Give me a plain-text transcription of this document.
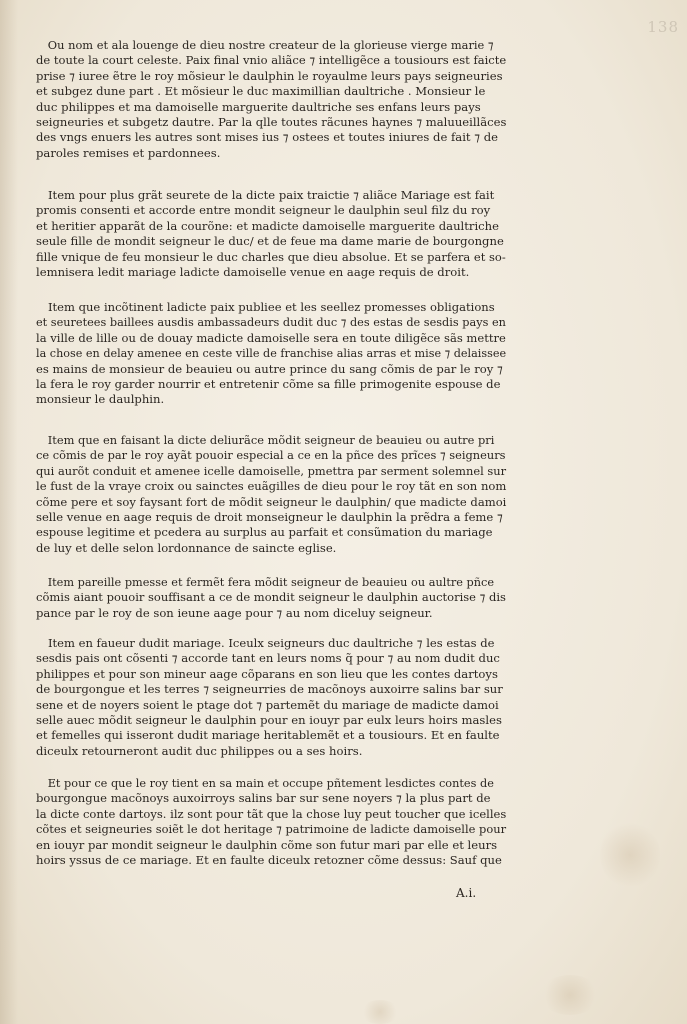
138
Ou nom et ala louenge de dieu nostre createur de la glorieuse vierge marie ⁊
de toute la court celeste. Paix final vnio aliãce ⁊ intelligẽce a tousiours est faicte
prise ⁊ iuree ẽtre le roy mõsieur le daulphin le royaulme leurs pays seigneuries
et subgez dune part . Et mõsieur le duc maximillian daultriche . Monsieur le
duc philippes et ma damoiselle marguerite daultriche ses enfans leurs pays
seigneuries et subgetz dautre. Par la qlle toutes rãcunes haynes ⁊ maluueillãces
des vngs enuers les autres sont mises ius ⁊ ostees et toutes iniures de fait ⁊ de
paroles remises et pardonnees.
Item pour plus grãt seurete de la dicte paix traictie ⁊ aliãce Mariage est fait
promis consenti et accorde entre mondit seigneur le daulphin seul filz du roy
et heritier apparãt de la courõne: et madicte damoiselle marguerite daultriche
seule fille de mondit seigneur le duc/ et de feue ma dame marie de bourgongne
fille vnique de feu monsieur le duc charles que dieu absolue. Et se parfera et so-
lemnisera ledit mariage ladicte damoiselle venue en aage requis de droit.
Item que incõtinent ladicte paix publiee et les seellez promesses obligations
et seuretees baillees ausdis ambassadeurs dudit duc ⁊ des estas de sesdis pays en
la ville de lille ou de douay madicte damoiselle sera en toute diligẽce sãs mettre
la chose en delay amenee en ceste ville de franchise alias arras et mise ⁊ delaissee
es mains de monsieur de beauieu ou autre prince du sang cõmis de par le roy ⁊
la fera le roy garder nourrir et entretenir cõme sa fille primogenite espouse de
monsieur le daulphin.
Item que en faisant la dicte deliurãce mõdit seigneur de beauieu ou autre pri
ce cõmis de par le roy ayãt pouoir especial a ce en la pñce des prĩces ⁊ seigneurs
qui aurõt conduit et amenee icelle damoiselle, pmettra par serment solemnel sur
le fust de la vraye croix ou sainctes euãgilles de dieu pour le roy tãt en son nom
cõme pere et soy faysant fort de mõdit seigneur le daulphin/ que madicte damoi
selle venue en aage requis de droit monseigneur le daulphin la prẽdra a feme ⁊
espouse legitime et pcedera au surplus au parfait et consũmation du mariage
de luy et delle selon lordonnance de saincte eglise.
Item pareille pmesse et fermẽt fera mõdit seigneur de beauieu ou aultre pñce
cõmis aiant pouoir souffisant a ce de mondit seigneur le daulphin auctorise ⁊ dis
pance par le roy de son ieune aage pour ⁊ au nom diceluy seigneur.
Item en faueur dudit mariage. Iceulx seigneurs duc daultriche ⁊ les estas de
sesdis pais ont cõsenti ⁊ accorde tant en leurs noms q̃ pour ⁊ au nom dudit duc
philippes et pour son mineur aage cõparans en son lieu que les contes dartoys
de bourgongue et les terres ⁊ seigneurries de macõnoys auxoirre salins bar sur
sene et de noyers soient le ptage dot ⁊ partemẽt du mariage de madicte damoi
selle auec mõdit seigneur le daulphin pour en iouyr par eulx leurs hoirs masles
et femelles qui isseront dudit mariage heritablemẽt et a tousiours. Et en faulte
diceulx retourneront audit duc philippes ou a ses hoirs.
Et pour ce que le roy tient en sa main et occupe pñtement lesdictes contes de
bourgongue macõnoys auxoirroys salins bar sur sene noyers ⁊ la plus part de
la dicte conte dartoys. ilz sont pour tãt que la chose luy peut toucher que icelles
cõtes et seigneuries soiẽt le dot heritage ⁊ patrimoine de ladicte damoiselle pour
en iouyr par mondit seigneur le daulphin cõme son futur mari par elle et leurs
hoirs yssus de ce mariage. Et en faulte diceulx retozner cõme dessus: Sauf que
A.i.
